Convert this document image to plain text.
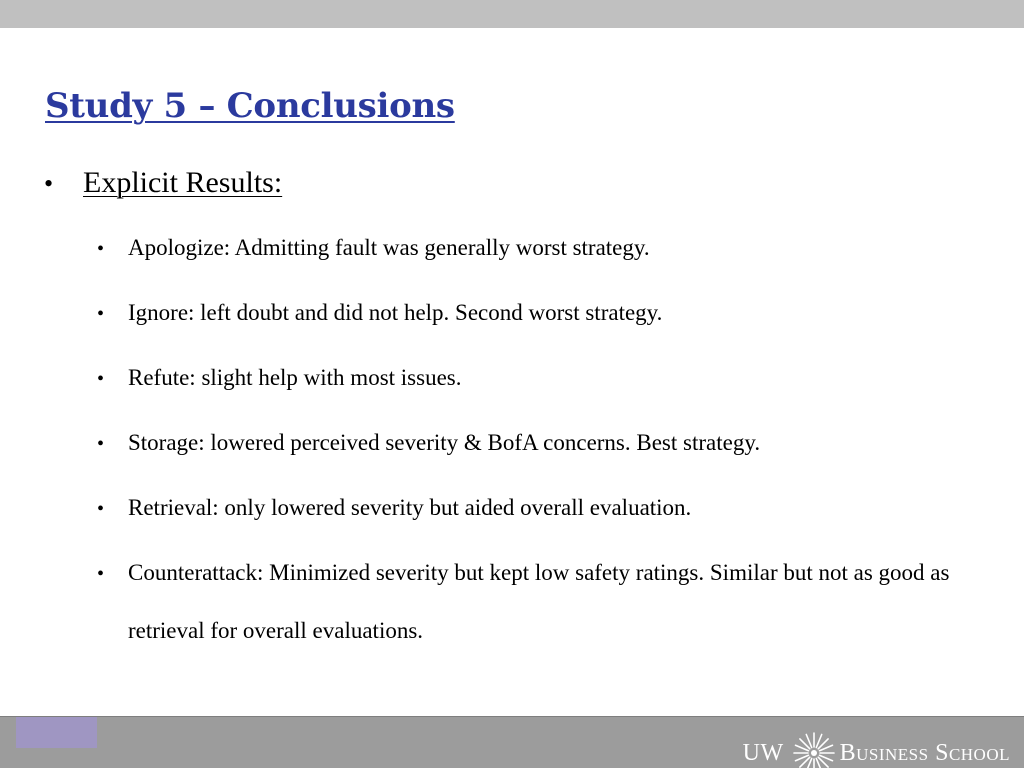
Study 5 – Conclusions
• Explicit Results:
•	Apologize: Admitting fault was generally worst strategy.
•	Ignore: left doubt and did not help. Second worst strategy.
•	Refute: slight help with most issues.
•	Storage: lowered perceived severity & BofA concerns. Best strategy.
•	Retrieval: only lowered severity but aided overall evaluation.
•	Counterattack: Minimized severity but kept low safety ratings. Similar but not as good as retrieval for overall evaluations.
UW Business School
